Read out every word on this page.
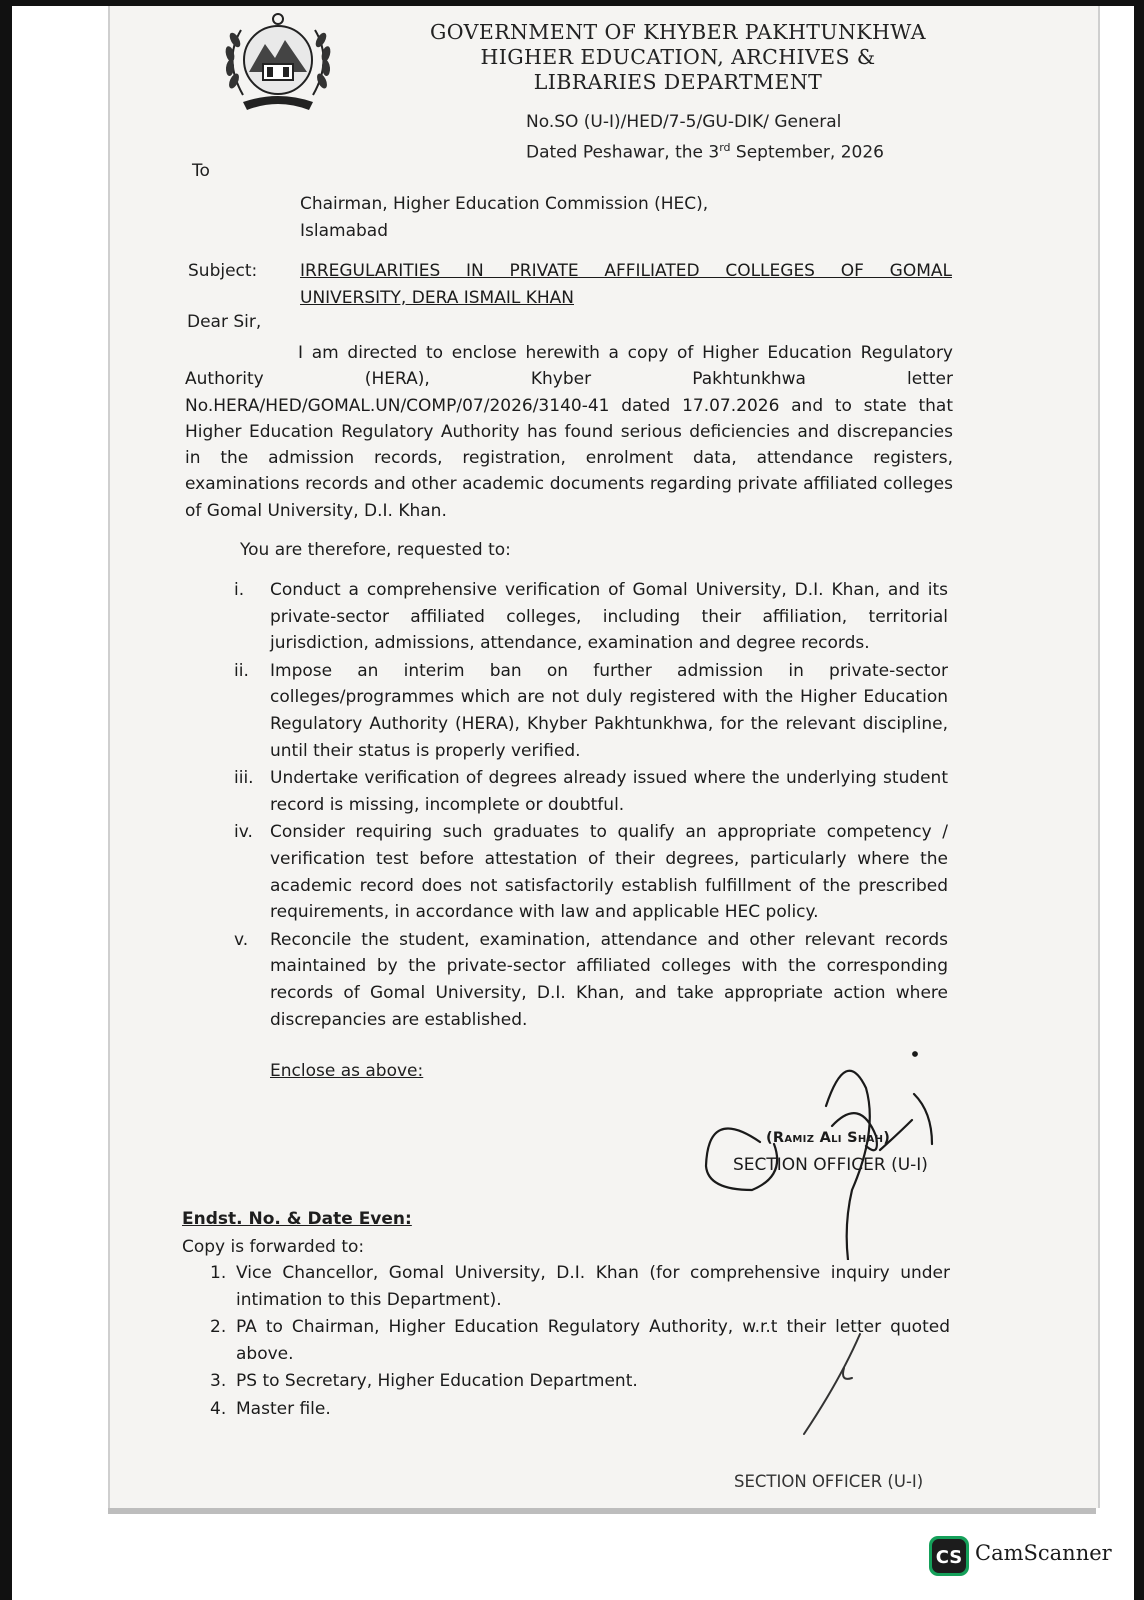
GOVERNMENT OF KHYBER PAKHTUNKHWA
HIGHER EDUCATION, ARCHIVES &
LIBRARIES DEPARTMENT
No.SO (U-I)/HED/7-5/GU-DIK/ General
Dated Peshawar, the 3rd September, 2026
To
Chairman, Higher Education Commission (HEC),
Islamabad
Subject:	IRREGULARITIES IN PRIVATE AFFILIATED COLLEGES OF GOMAL
UNIVERSITY, DERA ISMAIL KHAN
Dear Sir,
I am directed to enclose herewith a copy of Higher Education Regulatory
Authority (HERA), Khyber Pakhtunkhwa letter
No.HERA/HED/GOMAL.UN/COMP/07/2026/3140-41 dated 17.07.2026 and to state that Higher Education Regulatory Authority has found serious deficiencies and discrepancies in the admission records, registration, enrolment data, attendance registers, examinations records and other academic documents regarding private affiliated colleges of Gomal University, D.I. Khan.
You are therefore, requested to:
i. Conduct a comprehensive verification of Gomal University, D.I. Khan, and its private-sector affiliated colleges, including their affiliation, territorial jurisdiction, admissions, attendance, examination and degree records.
ii. Impose an interim ban on further admission in private-sector colleges/programmes which are not duly registered with the Higher Education Regulatory Authority (HERA), Khyber Pakhtunkhwa, for the relevant discipline, until their status is properly verified.
iii. Undertake verification of degrees already issued where the underlying student record is missing, incomplete or doubtful.
iv. Consider requiring such graduates to qualify an appropriate competency / verification test before attestation of their degrees, particularly where the academic record does not satisfactorily establish fulfillment of the prescribed requirements, in accordance with law and applicable HEC policy.
v. Reconcile the student, examination, attendance and other relevant records maintained by the private-sector affiliated colleges with the corresponding records of Gomal University, D.I. Khan, and take appropriate action where discrepancies are established.
Enclose as above:
(Ramiz Ali Shah)
SECTION OFFICER (U-I)
Endst. No. & Date Even:
Copy is forwarded to:
1. Vice Chancellor, Gomal University, D.I. Khan (for comprehensive inquiry under intimation to this Department).
2. PA to Chairman, Higher Education Regulatory Authority, w.r.t their letter quoted above.
3. PS to Secretary, Higher Education Department.
4. Master file.
SECTION OFFICER (U-I)
CS CamScanner
